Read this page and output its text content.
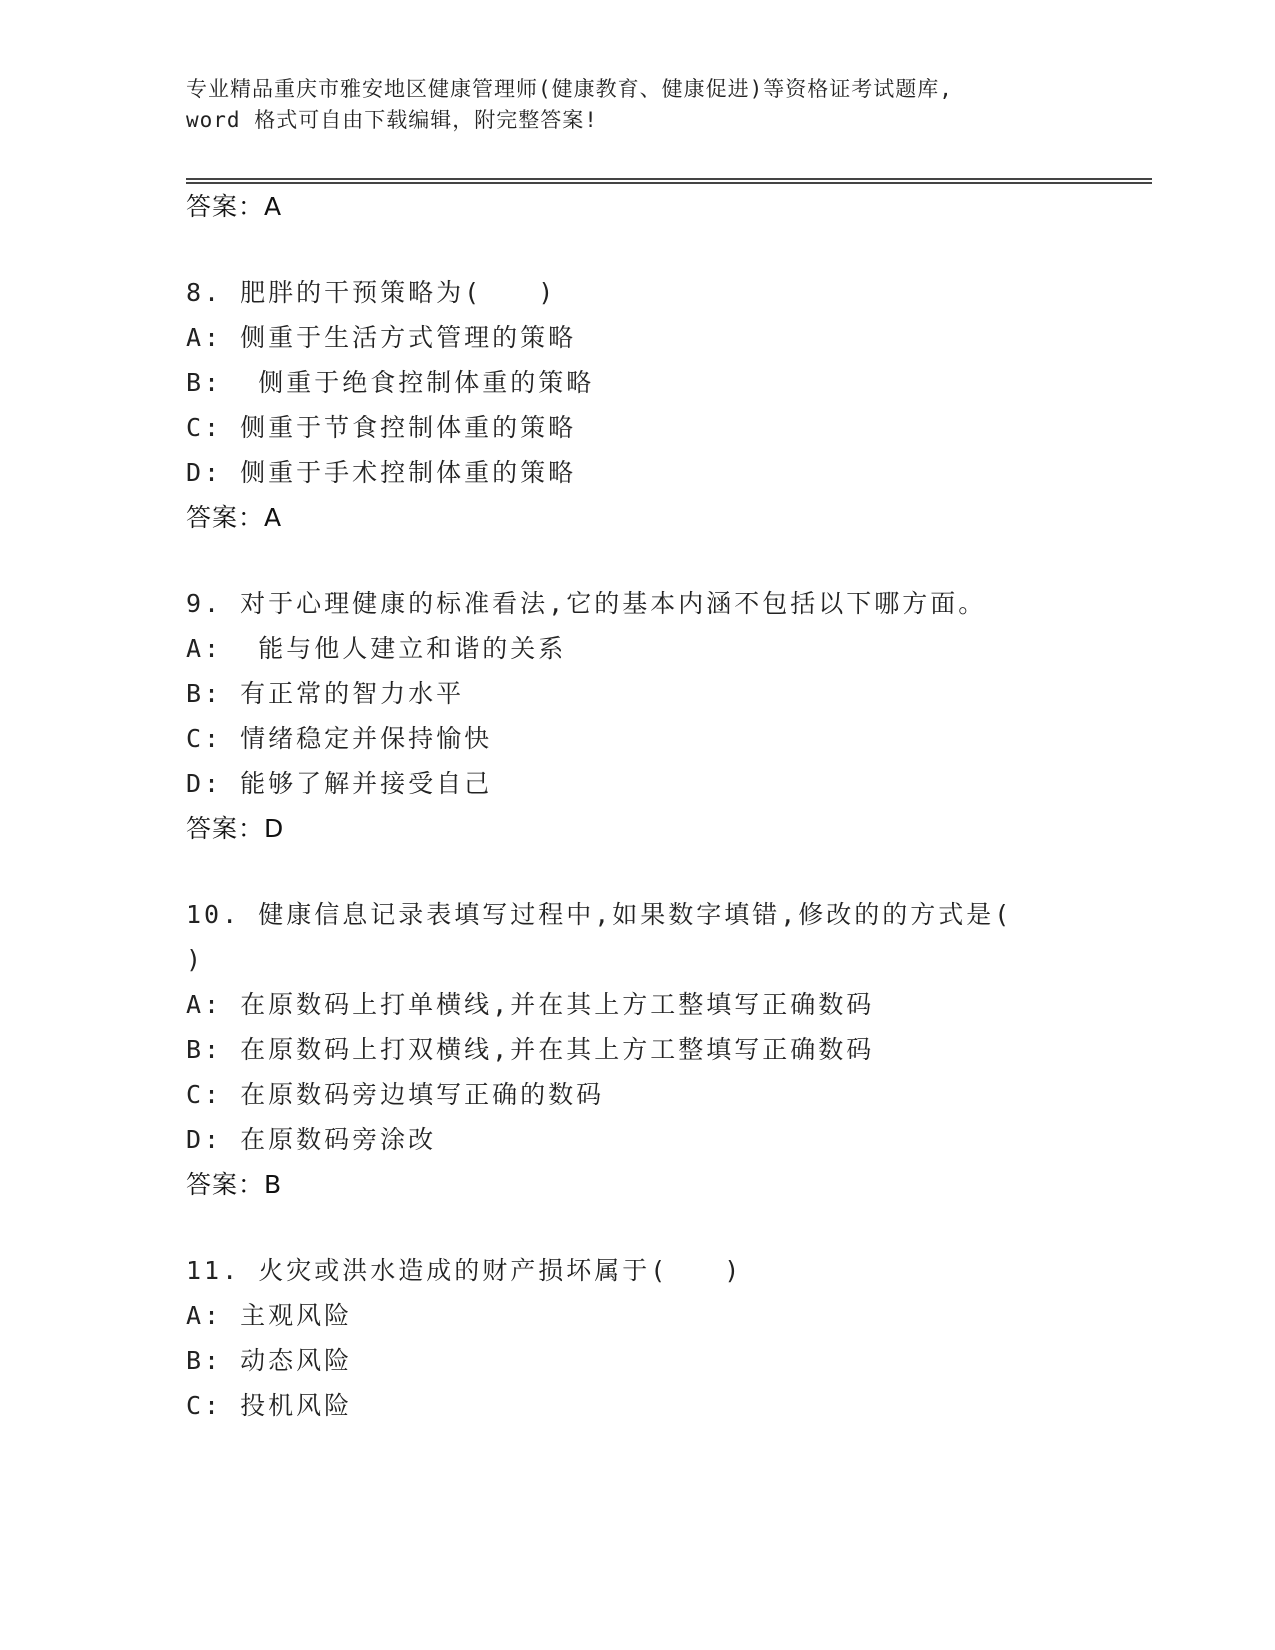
专业精品重庆市雅安地区健康管理师(健康教育、健康促进)等资格证考试题库,
word 格式可自由下载编辑，附完整答案!
答案：A
8. 肥胖的干预策略为(　　)
A: 侧重于生活方式管理的策略
B:  侧重于绝食控制体重的策略
C: 侧重于节食控制体重的策略
D: 侧重于手术控制体重的策略
答案：A
9. 对于心理健康的标准看法,它的基本内涵不包括以下哪方面。
A:  能与他人建立和谐的关系
B: 有正常的智力水平
C: 情绪稳定并保持愉快
D: 能够了解并接受自己
答案：D
10. 健康信息记录表填写过程中,如果数字填错,修改的的方式是(
)
A: 在原数码上打单横线,并在其上方工整填写正确数码
B: 在原数码上打双横线,并在其上方工整填写正确数码
C: 在原数码旁边填写正确的数码
D: 在原数码旁涂改
答案：B
11. 火灾或洪水造成的财产损坏属于(　　)
A: 主观风险
B: 动态风险
C: 投机风险
